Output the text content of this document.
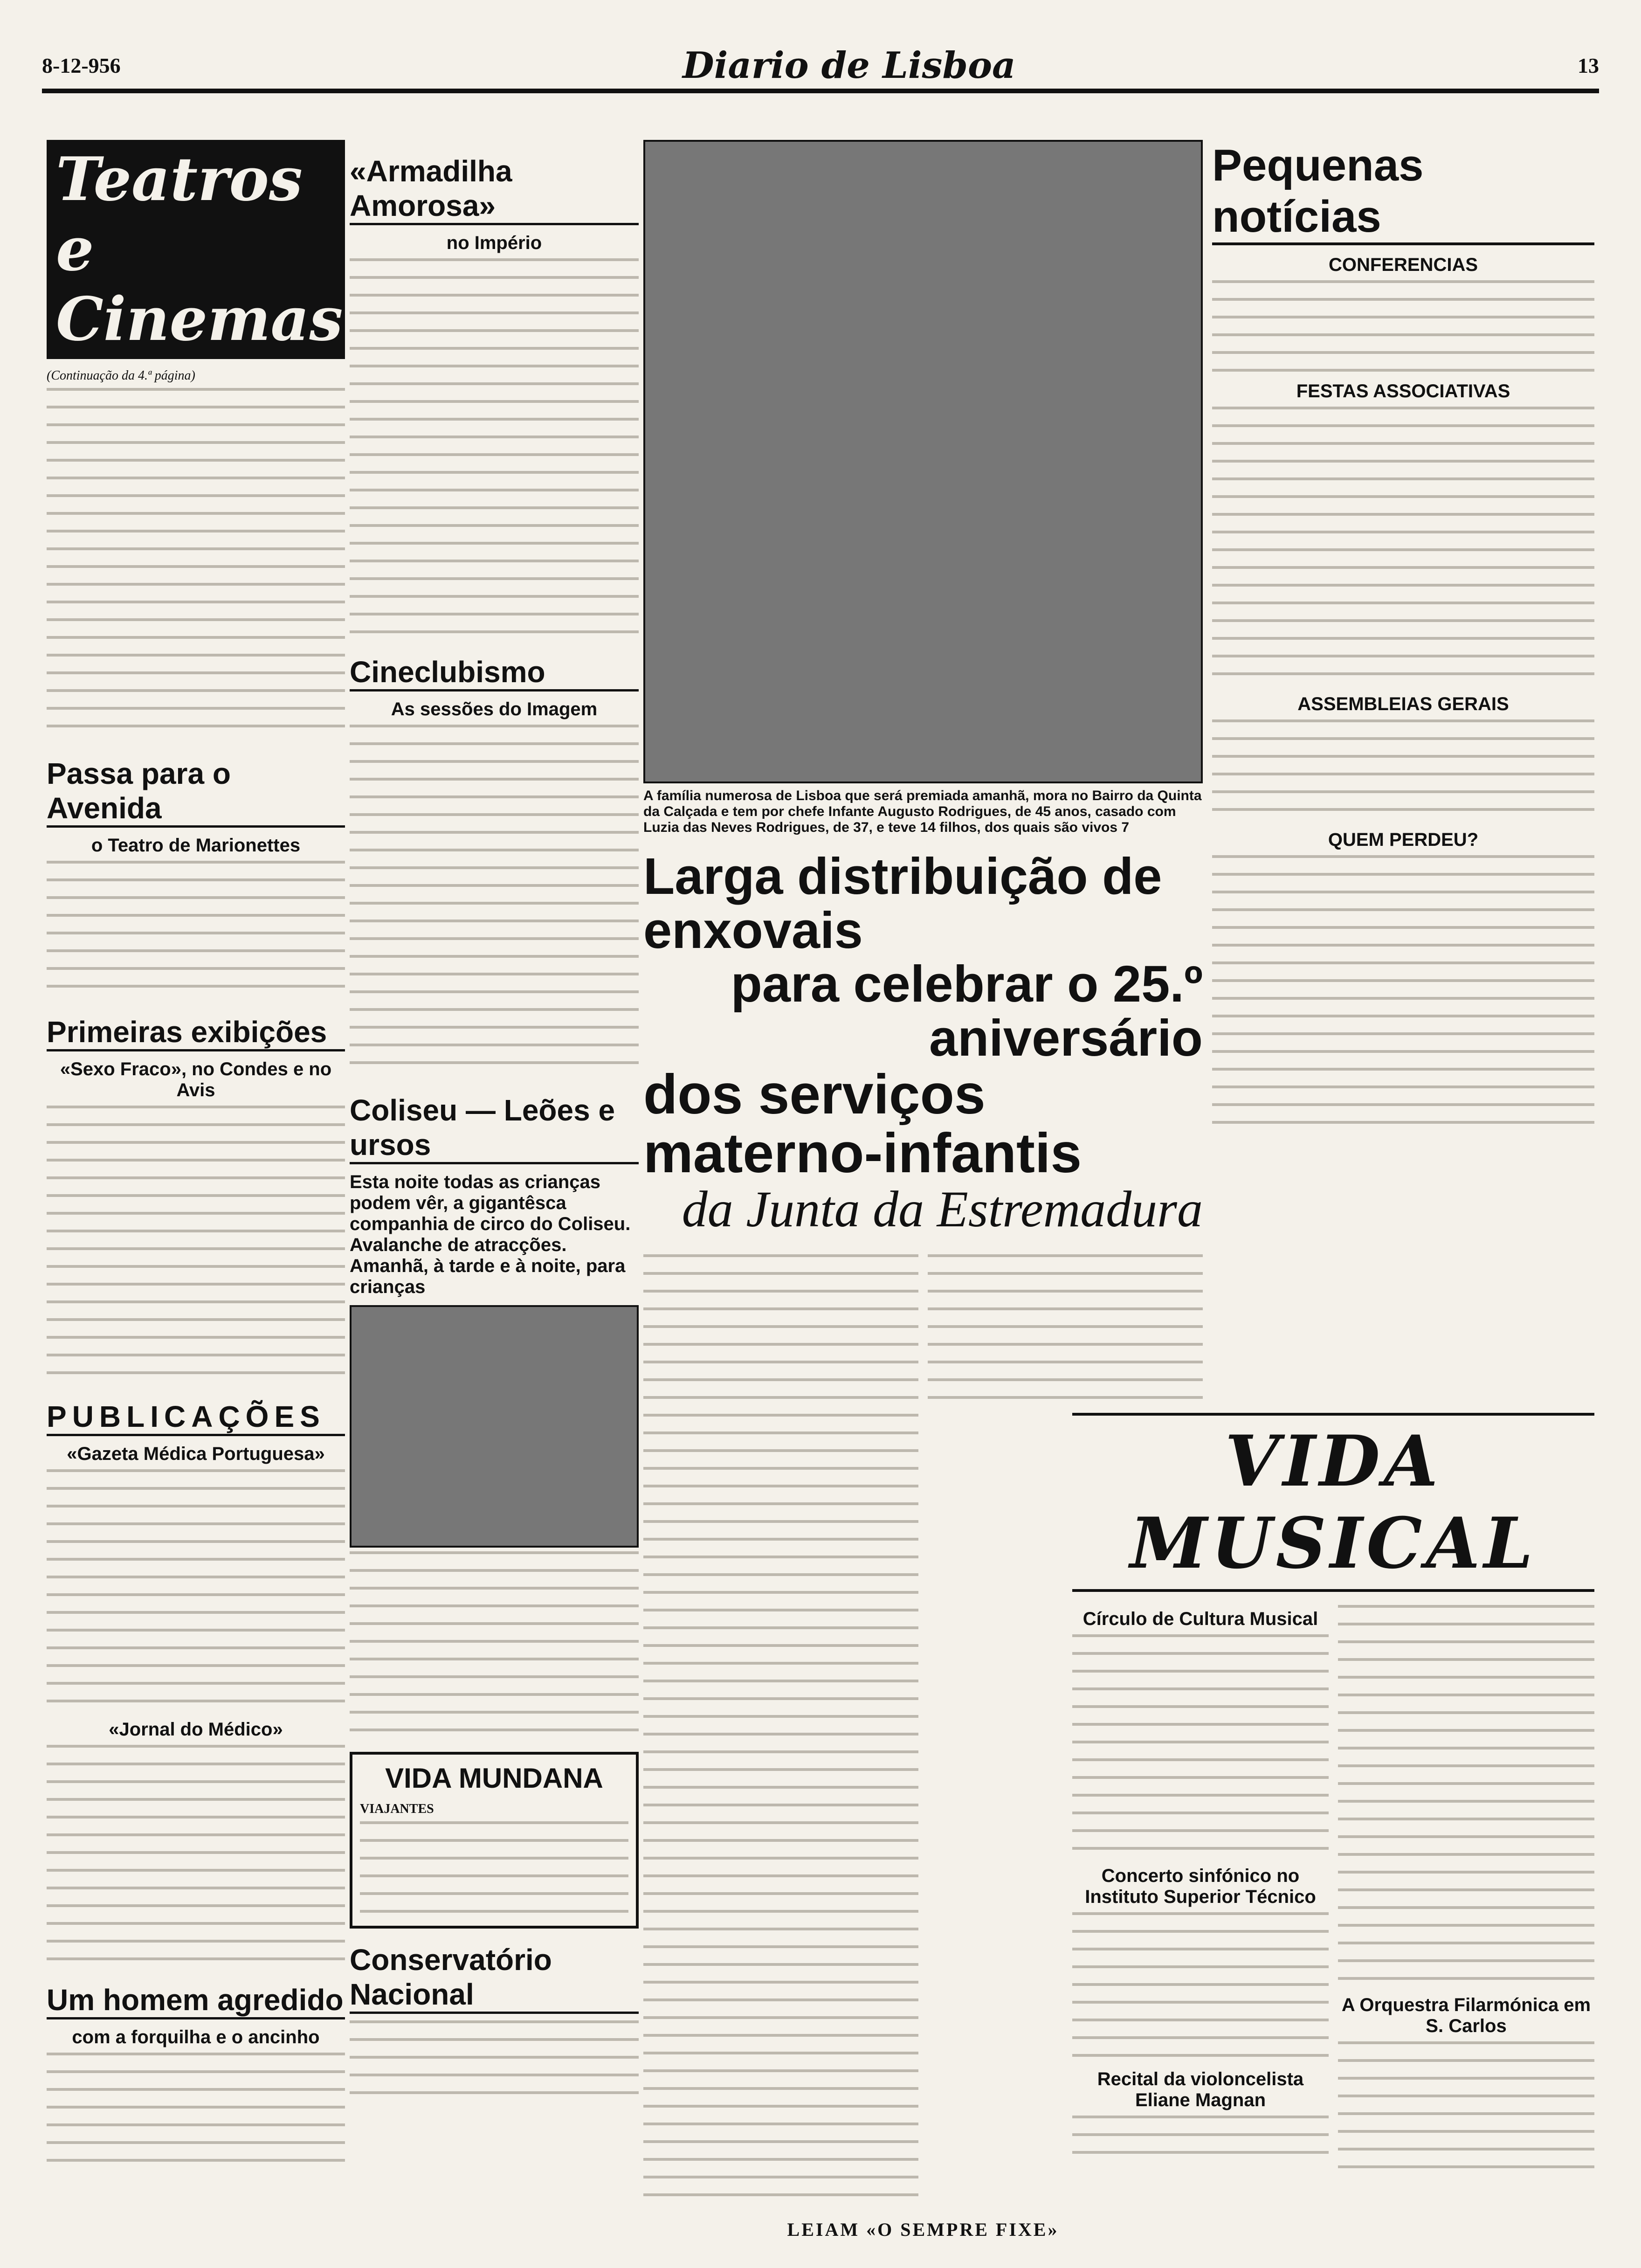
8-12-956	Diario de Lisboa	13
Teatros e Cinemas
(Continuação da 4.ª página)
Passa para o Avenida
o Teatro de Marionettes
Primeiras exibições
«Sexo Fraco», no Condes e no Avis
PUBLICAÇÕES
«Gazeta Médica Portuguesa»
«Jornal do Médico»
Um homem agredido
com a forquilha e o ancinho
«Armadilha Amorosa»
no Império
Cineclubismo
As sessões do Imagem
Coliseu — Leões e ursos
Esta noite todas as crianças podem vêr, a gigantêsca companhia de circo do Coliseu. Avalanche de atracções. Amanhã, à tarde e à noite, para crianças
VIDA MUNDANA
VIAJANTES
Conservatório Nacional
A família numerosa de Lisboa que será premiada amanhã, mora no Bairro da Quinta da Calçada e tem por chefe Infante Augusto Rodrigues, de 45 anos, casado com Luzia das Neves Rodrigues, de 37, e teve 14 filhos, dos quais são vivos 7
Larga distribuição de enxovais
para celebrar o 25.º aniversário
dos serviços materno-infantis
da Junta da Estremadura
LEIAM «O SEMPRE FIXE»
Pequenas notícias
CONFERENCIAS
FESTAS ASSOCIATIVAS
ASSEMBLEIAS GERAIS
QUEM PERDEU?
VIDA MUSICAL
Círculo de Cultura Musical
Concerto sinfónico no Instituto Superior Técnico
Recital da violoncelista Eliane Magnan
A Orquestra Filarmónica em S. Carlos
